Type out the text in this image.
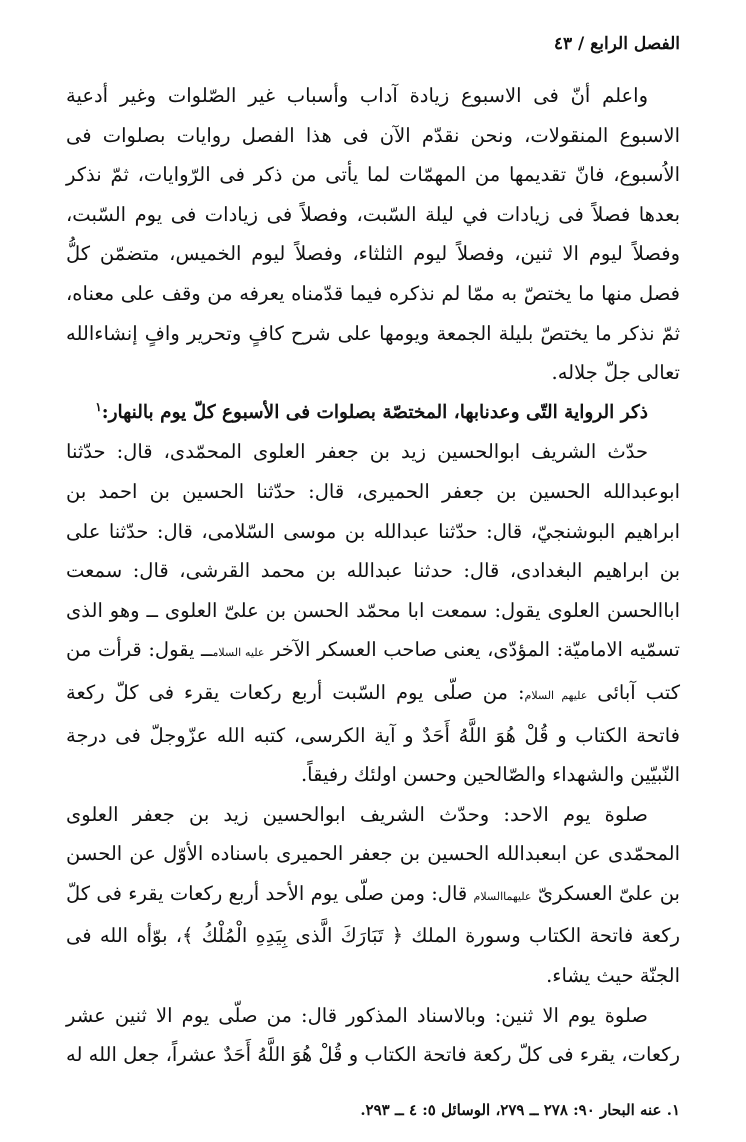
الفصل الرابع / ٤٣

واعلم أنّ فى الاسبوع زيادة آداب وأسباب غير الصّلوات وغير أدعية الاسبوع المنقولات، ونحن نقدّم الآن فى هذا الفصل روايات بصلوات فى الاُسبوع، فانّ تقديمها من المهمّات لما يأتى من ذكر فى الرّوايات، ثمّ نذكر بعدها فصلاً فى زيادات في ليلة السّبت، وفصلاً فى زيادات فى يوم السّبت، وفصلاً ليوم الا ثنين، وفصلاً ليوم الثلثاء، وفصلاً ليوم الخميس، متضمّن كلُّ فصل منها ما يختصّ به ممّا لم نذكره فيما قدّمناه يعرفه من وقف على معناه، ثمّ نذكر ما يختصّ بليلة الجمعة ويومها على شرح كافٍ وتحرير وافٍ إنشاءالله تعالى جلّ جلاله.

ذكر الرواية التّى وعدنابها، المختصّة بصلوات فى الأسبوع كلّ يوم بالنهار:$^١$

حدّث الشريف ابوالحسين زيد بن جعفر العلوى المحمّدى، قال: حدّثنا ابوعبدالله الحسين بن جعفر الحميرى، قال: حدّثنا الحسين بن احمد بن ابراهيم البوشنجيّ، قال: حدّثنا عبدالله بن موسى السّلامى، قال: حدّثنا على بن ابراهيم البغدادى، قال: حدثنا عبدالله بن محمد القرشى، قال: سمعت اباالحسن العلوى يقول: سمعت ابا محمّد الحسن بن علىّ العلوى ــ وهو الذى تسمّيه الاماميّة: المؤدّى، يعنى صاحب العسكر الآخر عليه السلامــ يقول: قرأت من كتب آبائى عليهم السلام: من صلّى يوم السّبت أربع ركعات يقرء فى كلّ ركعة فاتحة الكتاب و قُلْ هُوَ اللَّهُ أَحَدٌ و آية الكرسى، كتبه الله عزّوجلّ فى درجة النّبيّين والشهداء والصّالحين وحسن اولئك رفيقاً.

صلوة يوم الاحد: وحدّث الشريف ابوالحسين زيد بن جعفر العلوى المحمّدى عن ابىعبدالله الحسين بن جعفر الحميرى باسناده الأوّل عن الحسن بن علىّ العسكرىّ عليهماالسلام قال: ومن صلّى يوم الأحد أربع ركعات يقرء فى كلّ ركعة فاتحة الكتاب وسورة الملك ﴿ تَبَارَكَ الَّذى بِيَدِهِ الْمُلْكُ ﴾، بوّأه الله فى الجنّة حيث يشاء.

صلوة يوم الا ثنين: وبالاسناد المذكور قال: من صلّى يوم الا ثنين عشر ركعات، يقرء فى كلّ ركعة فاتحة الكتاب و قُلْ هُوَ اللَّهُ أَحَدٌ عشراً، جعل الله له

١. عنه البحار ٩٠: ٢٧٨ ــ ٢٧٩، الوسائل ٥: ٤ ــ ٢٩٣.
